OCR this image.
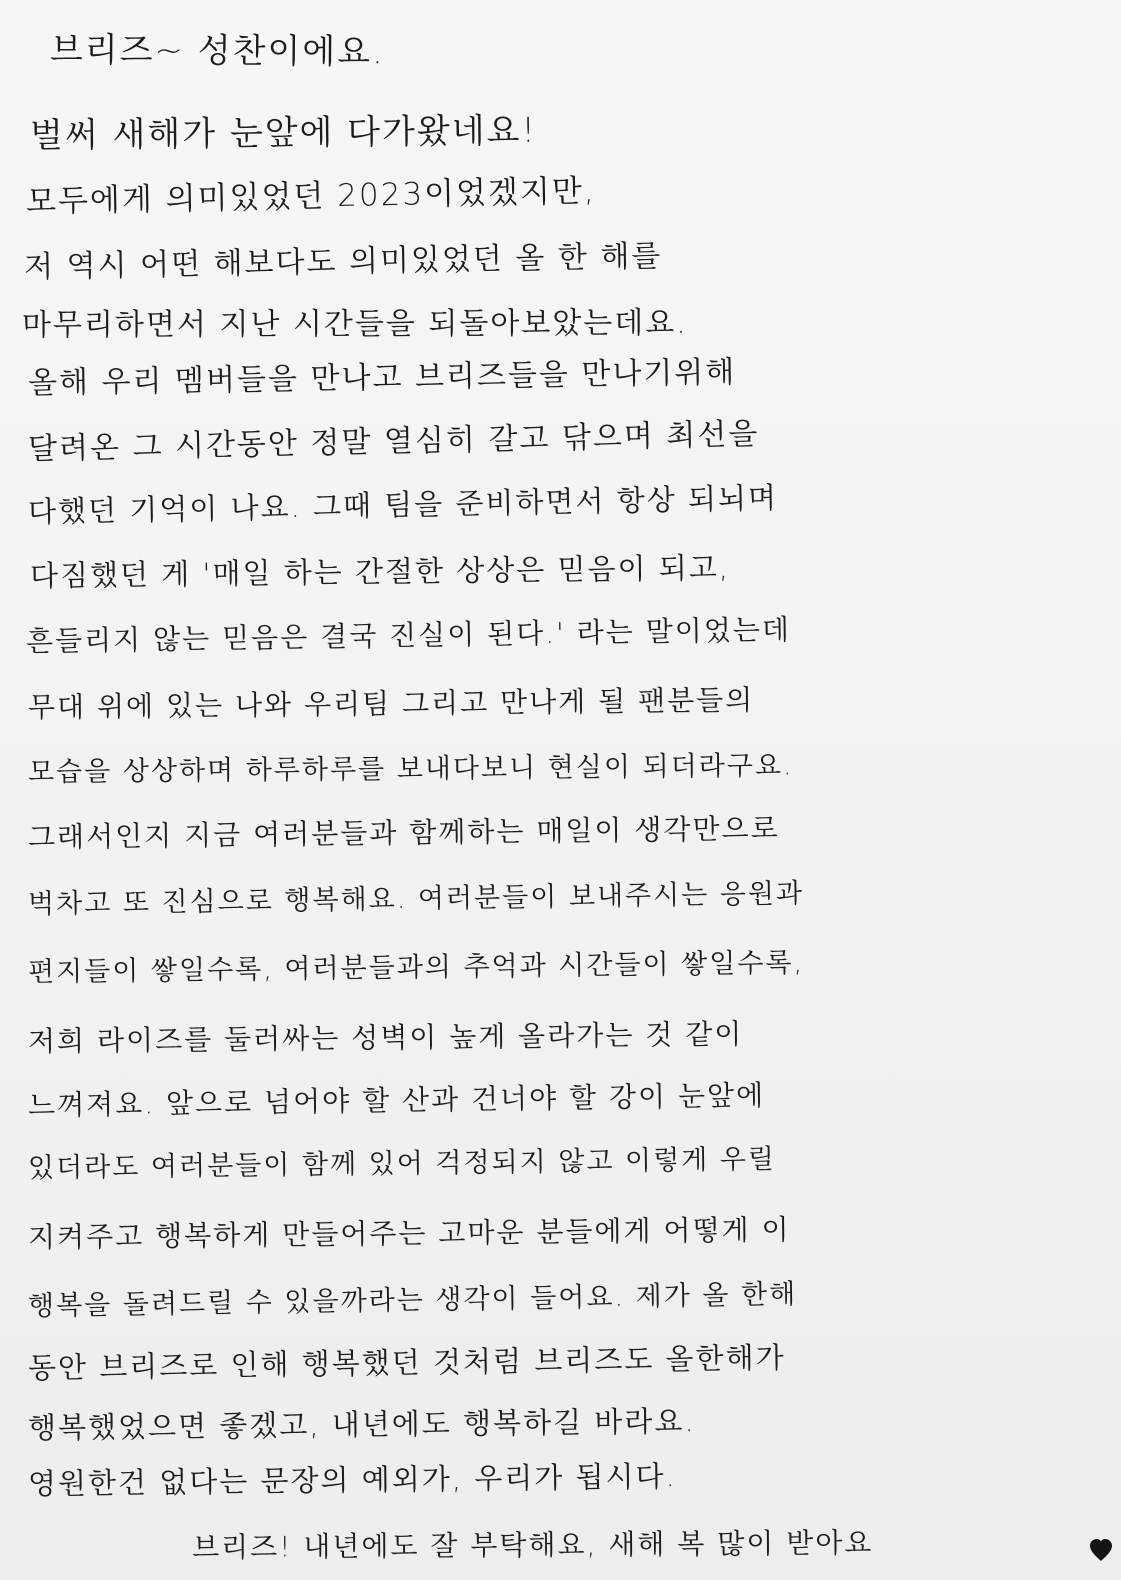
브리즈~ 성찬이에요.
벌써 새해가 눈앞에 다가왔네요!
모두에게 의미있었던 2023이었겠지만,
저 역시 어떤 해보다도 의미있었던 올 한 해를
마무리하면서 지난 시간들을 되돌아보았는데요.
올해 우리 멤버들을 만나고 브리즈들을 만나기위해
달려온 그 시간동안 정말 열심히 갈고 닦으며 최선을
다했던 기억이 나요. 그때 팀을 준비하면서 항상 되뇌며
다짐했던 게 '매일 하는 간절한 상상은 믿음이 되고,
흔들리지 않는 믿음은 결국 진실이 된다.' 라는 말이었는데
무대 위에 있는 나와 우리팀 그리고 만나게 될 팬분들의
모습을 상상하며 하루하루를 보내다보니 현실이 되더라구요.
그래서인지 지금 여러분들과 함께하는 매일이 생각만으로
벅차고 또 진심으로 행복해요. 여러분들이 보내주시는 응원과
편지들이 쌓일수록, 여러분들과의 추억과 시간들이 쌓일수록,
저희 라이즈를 둘러싸는 성벽이 높게 올라가는 것 같이
느껴져요. 앞으로 넘어야 할 산과 건너야 할 강이 눈앞에
있더라도 여러분들이 함께 있어 걱정되지 않고 이렇게 우릴
지켜주고 행복하게 만들어주는 고마운 분들에게 어떻게 이
행복을 돌려드릴 수 있을까라는 생각이 들어요. 제가 올 한해
동안 브리즈로 인해 행복했던 것처럼 브리즈도 올한해가
행복했었으면 좋겠고, 내년에도 행복하길 바라요.
영원한건 없다는 문장의 예외가, 우리가 됩시다.
브리즈! 내년에도 잘 부탁해요, 새해 복 많이 받아요
